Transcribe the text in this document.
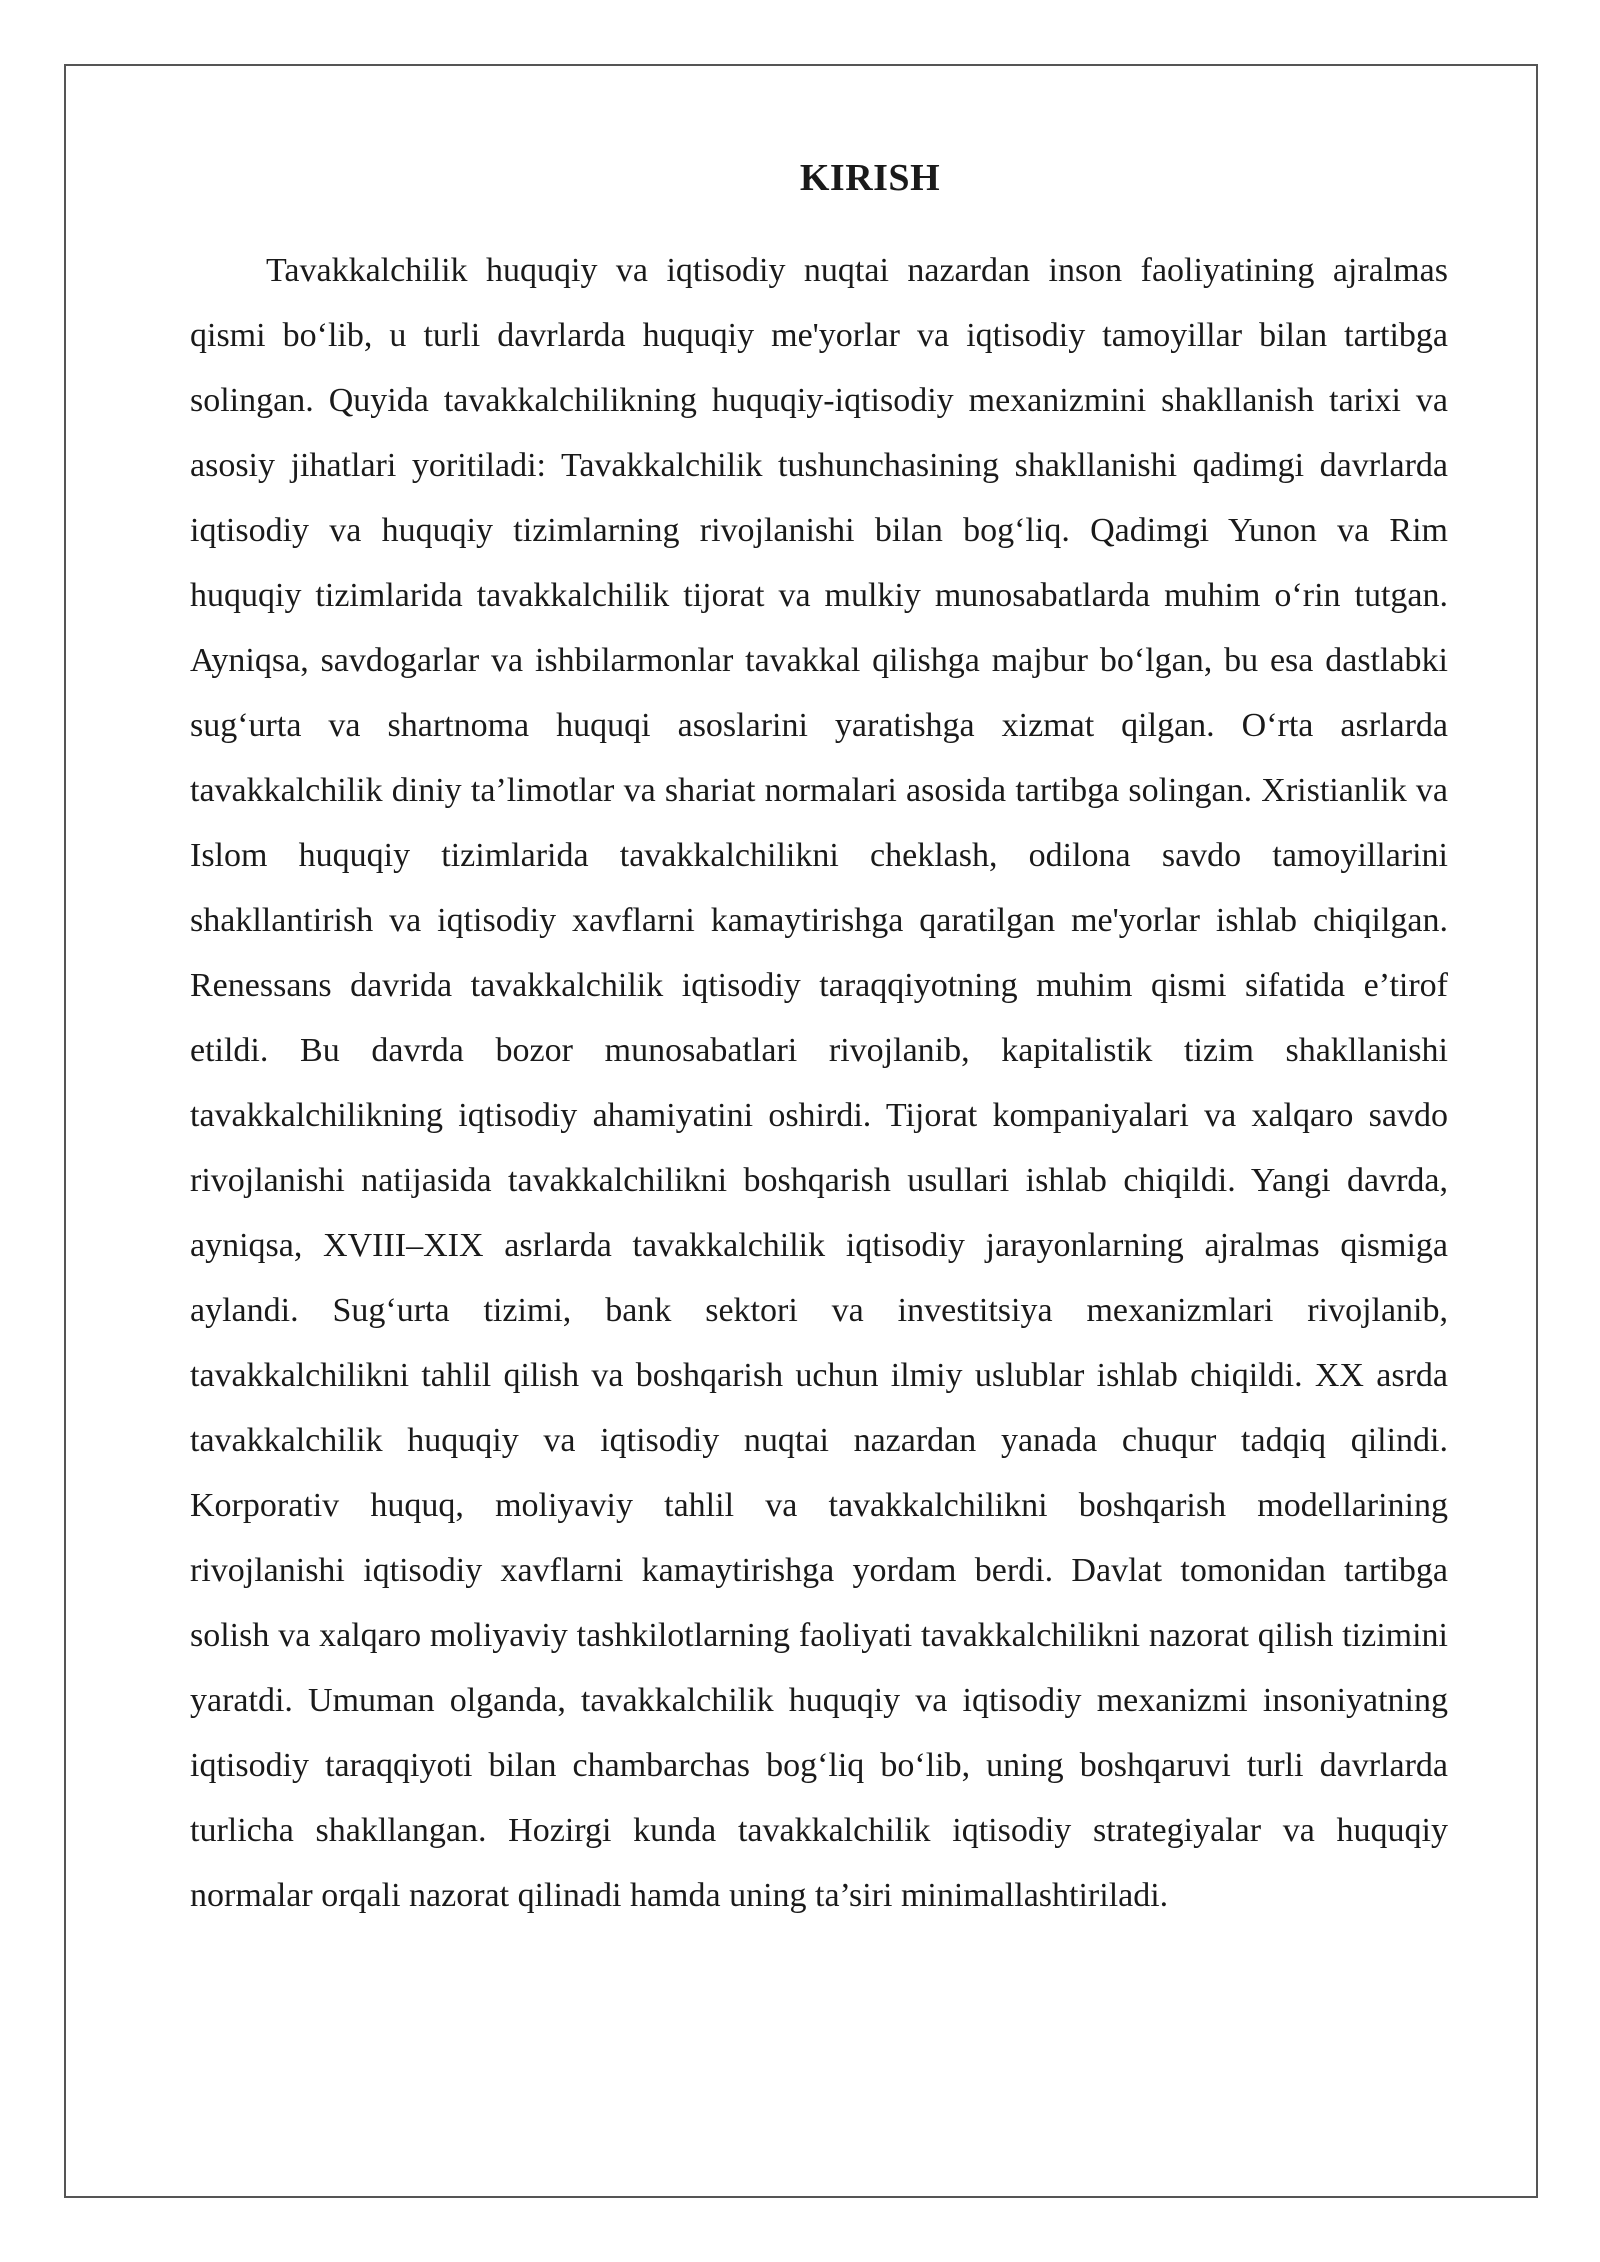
KIRISH

Tavakkalchilik huquqiy va iqtisodiy nuqtai nazardan inson faoliyatining ajralmas qismi bo‘lib, u turli davrlarda huquqiy me'yorlar va iqtisodiy tamoyillar bilan tartibga solingan. Quyida tavakkalchilikning huquqiy-iqtisodiy mexanizmini shakllanish tarixi va asosiy jihatlari yoritiladi: Tavakkalchilik tushunchasining shakllanishi qadimgi davrlarda iqtisodiy va huquqiy tizimlarning rivojlanishi bilan bog‘liq. Qadimgi Yunon va Rim huquqiy tizimlarida tavakkalchilik tijorat va mulkiy munosabatlarda muhim o‘rin tutgan. Ayniqsa, savdogarlar va ishbilarmonlar tavakkal qilishga majbur bo‘lgan, bu esa dastlabki sug‘urta va shartnoma huquqi asoslarini yaratishga xizmat qilgan. O‘rta asrlarda tavakkalchilik diniy ta’limotlar va shariat normalari asosida tartibga solingan. Xristianlik va Islom huquqiy tizimlarida tavakkalchilikni cheklash, odilona savdo tamoyillarini shakllantirish va iqtisodiy xavflarni kamaytirishga qaratilgan me'yorlar ishlab chiqilgan. Renessans davrida tavakkalchilik iqtisodiy taraqqiyotning muhim qismi sifatida e’tirof etildi. Bu davrda bozor munosabatlari rivojlanib, kapitalistik tizim shakllanishi tavakkalchilikning iqtisodiy ahamiyatini oshirdi. Tijorat kompaniyalari va xalqaro savdo rivojlanishi natijasida tavakkalchilikni boshqarish usullari ishlab chiqildi. Yangi davrda, ayniqsa, XVIII–XIX asrlarda tavakkalchilik iqtisodiy jarayonlarning ajralmas qismiga aylandi. Sug‘urta tizimi, bank sektori va investitsiya mexanizmlari rivojlanib, tavakkalchilikni tahlil qilish va boshqarish uchun ilmiy uslublar ishlab chiqildi. XX asrda tavakkalchilik huquqiy va iqtisodiy nuqtai nazardan yanada chuqur tadqiq qilindi. Korporativ huquq, moliyaviy tahlil va tavakkalchilikni boshqarish modellarining rivojlanishi iqtisodiy xavflarni kamaytirishga yordam berdi. Davlat tomonidan tartibga solish va xalqaro moliyaviy tashkilotlarning faoliyati tavakkalchilikni nazorat qilish tizimini yaratdi. Umuman olganda, tavakkalchilik huquqiy va iqtisodiy mexanizmi insoniyatning iqtisodiy taraqqiyoti bilan chambarchas bog‘liq bo‘lib, uning boshqaruvi turli davrlarda turlicha shakllangan. Hozirgi kunda tavakkalchilik iqtisodiy strategiyalar va huquqiy normalar orqali nazorat qilinadi hamda uning ta’siri minimallashtiriladi.
